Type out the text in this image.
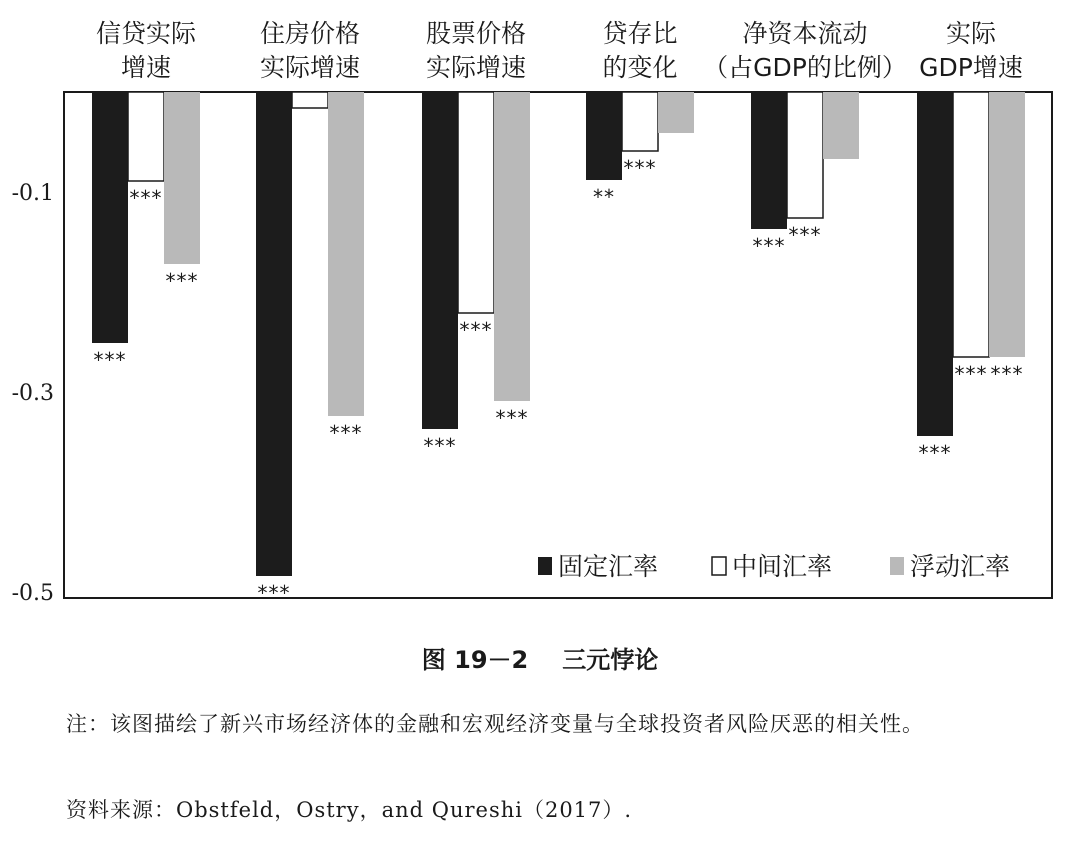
-0.1
-0.3
-0.5
信贷实际
增速
住房价格
实际增速
股票价格
实际增速
贷存比
的变化
净资本流动
（占GDP的比例）
实际
GDP增速
***
***
***
**
***
***
***
***
***
***
***
***
***
***
***
固定汇率	中间汇率	浮动汇率
图 19－2 三元悖论
注：该图描绘了新兴市场经济体的金融和宏观经济变量与全球投资者风险厌恶的相关性。
资料来源：Obstfeld，Ostry，and Qureshi（2017）.
